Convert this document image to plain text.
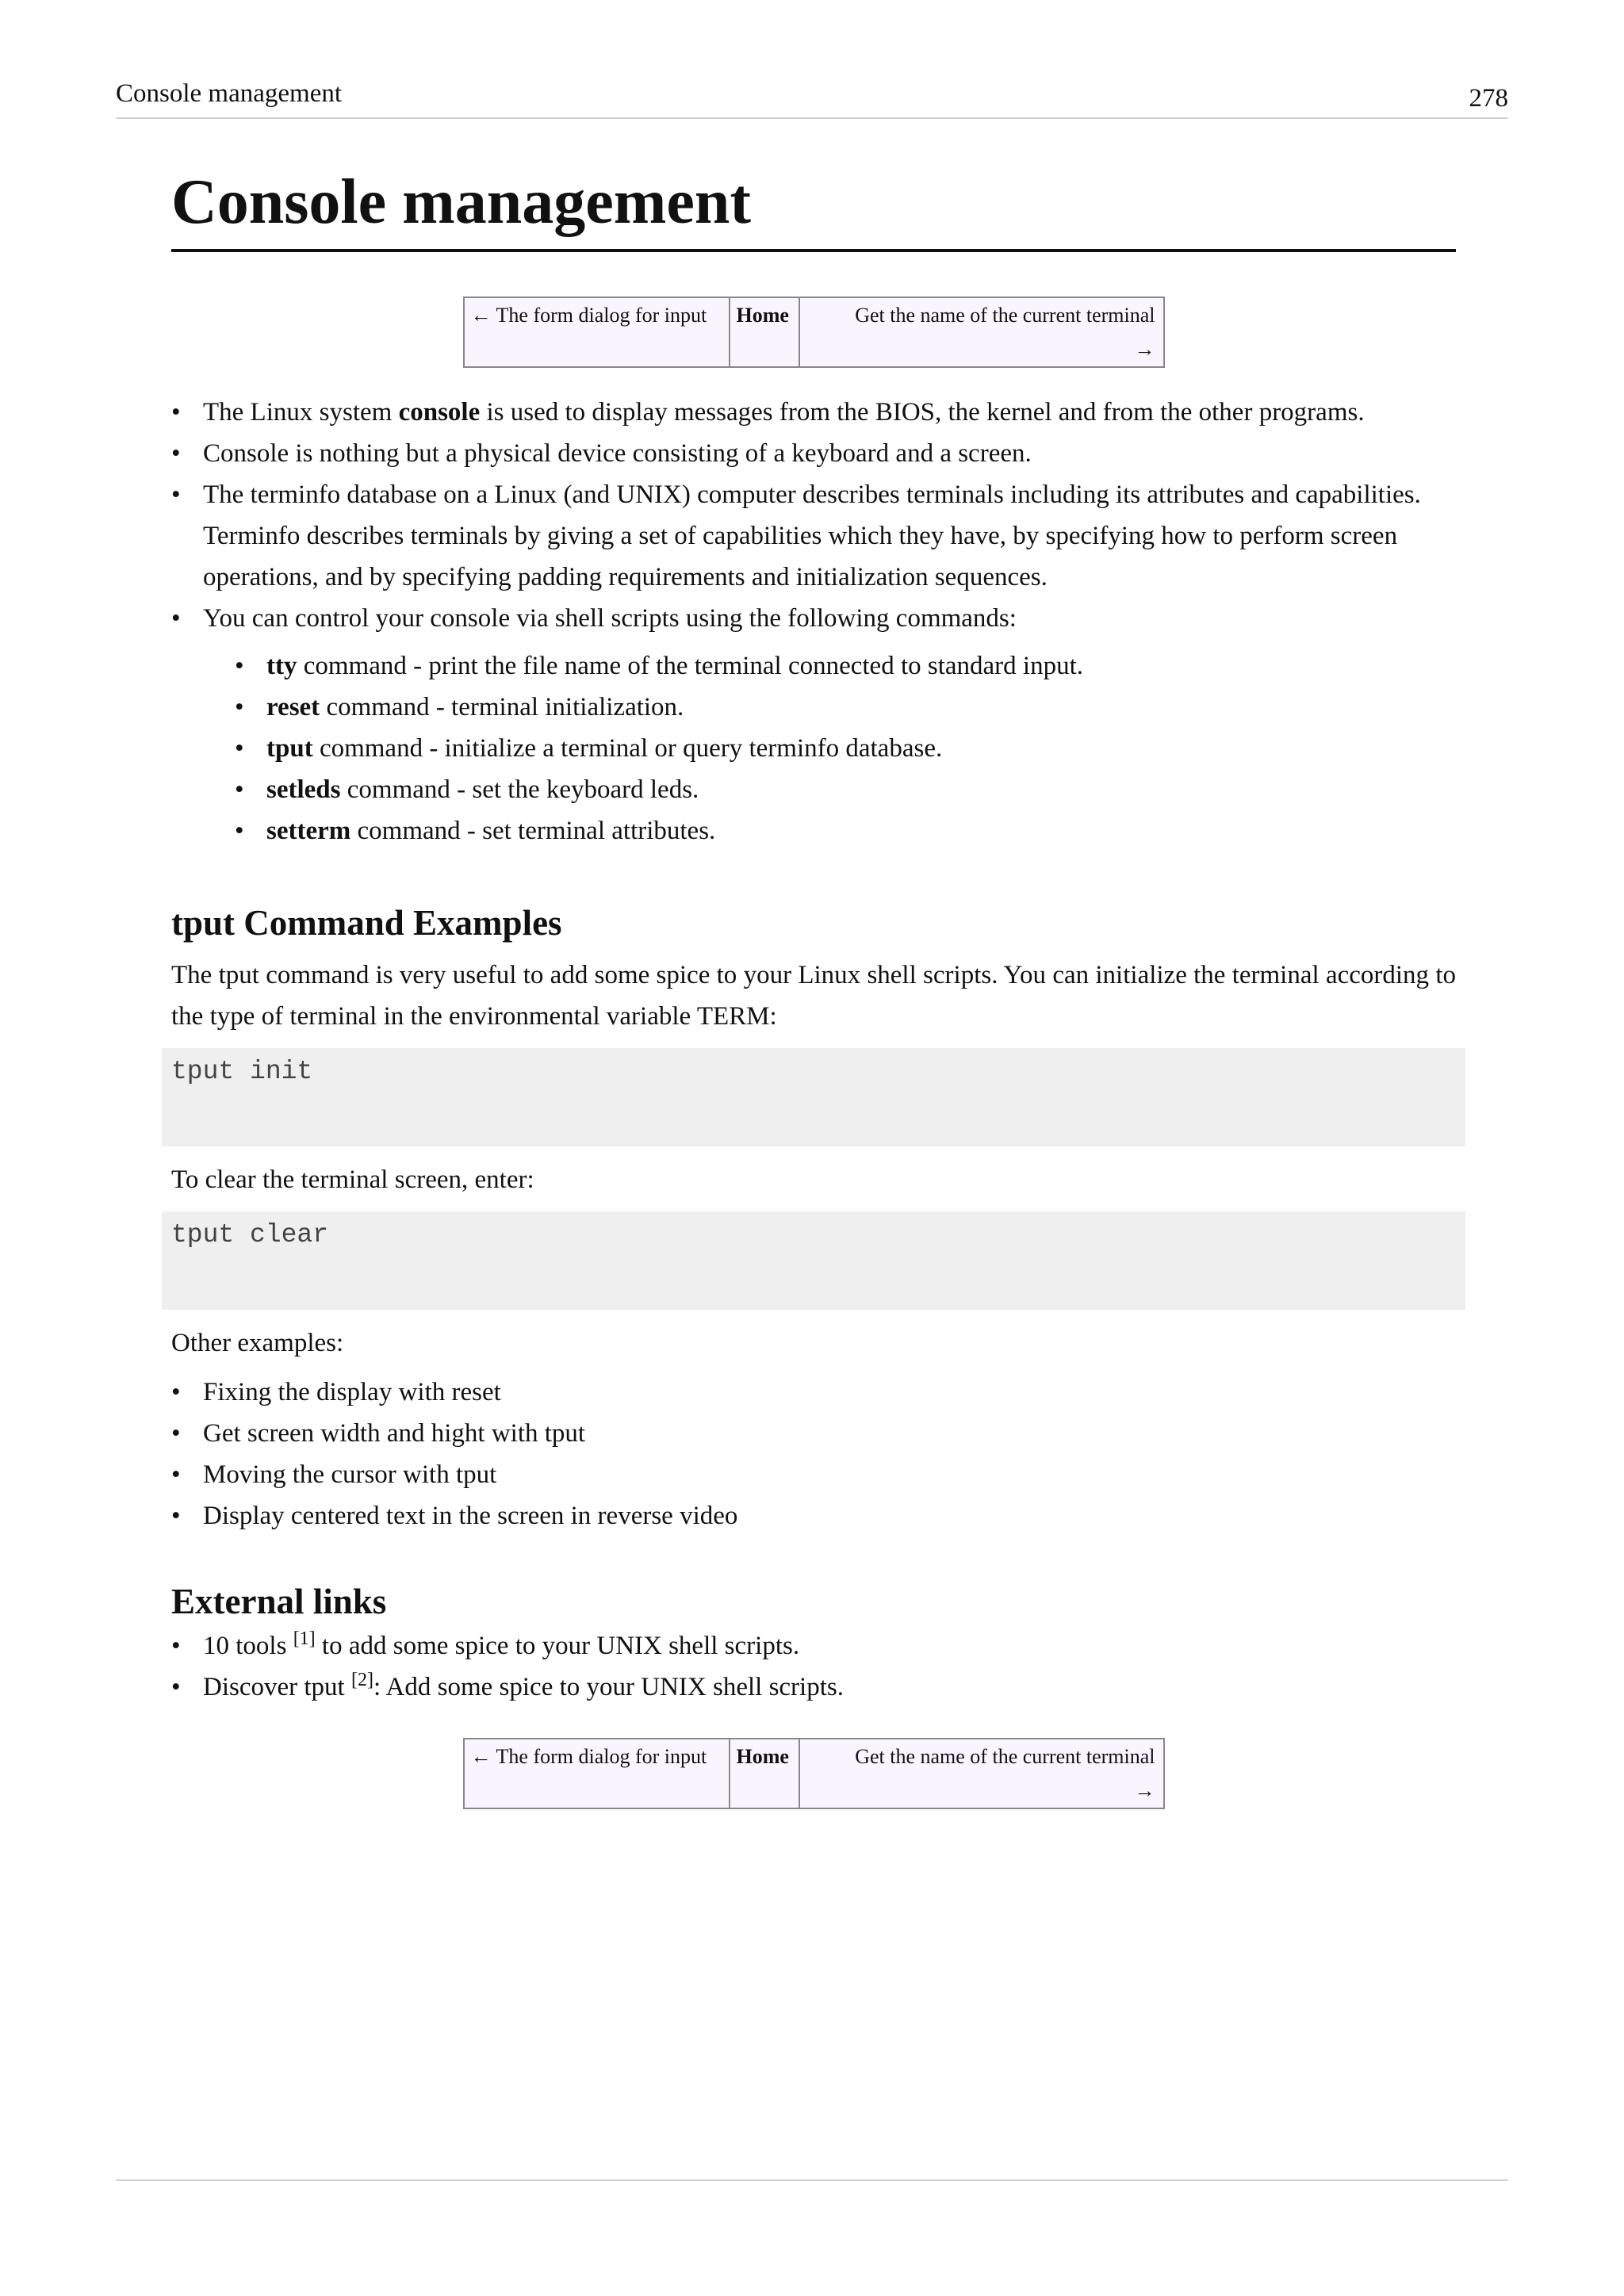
Console management	278
Console management
← The form dialog for input	Home	Get the name of the current terminal
→
• The Linux system console is used to display messages from the BIOS, the kernel and from the other programs.
• Console is nothing but a physical device consisting of a keyboard and a screen.
• The terminfo database on a Linux (and UNIX) computer describes terminals including its attributes and capabilities. Terminfo describes terminals by giving a set of capabilities which they have, by specifying how to perform screen operations, and by specifying padding requirements and initialization sequences.
• You can control your console via shell scripts using the following commands:
• tty command - print the file name of the terminal connected to standard input.
• reset command - terminal initialization.
• tput command - initialize a terminal or query terminfo database.
• setleds command - set the keyboard leds.
• setterm command - set terminal attributes.
tput Command Examples

The tput command is very useful to add some spice to your Linux shell scripts. You can initialize the terminal according to the type of terminal in the environmental variable TERM:

tput init

To clear the terminal screen, enter:

tput clear

Other examples:

• Fixing the display with reset
• Get screen width and hight with tput
• Moving the cursor with tput
• Display centered text in the screen in reverse video
External links
• 10 tools [1] to add some spice to your UNIX shell scripts.
• Discover tput [2]: Add some spice to your UNIX shell scripts.
← The form dialog for input	Home	Get the name of the current terminal
→
